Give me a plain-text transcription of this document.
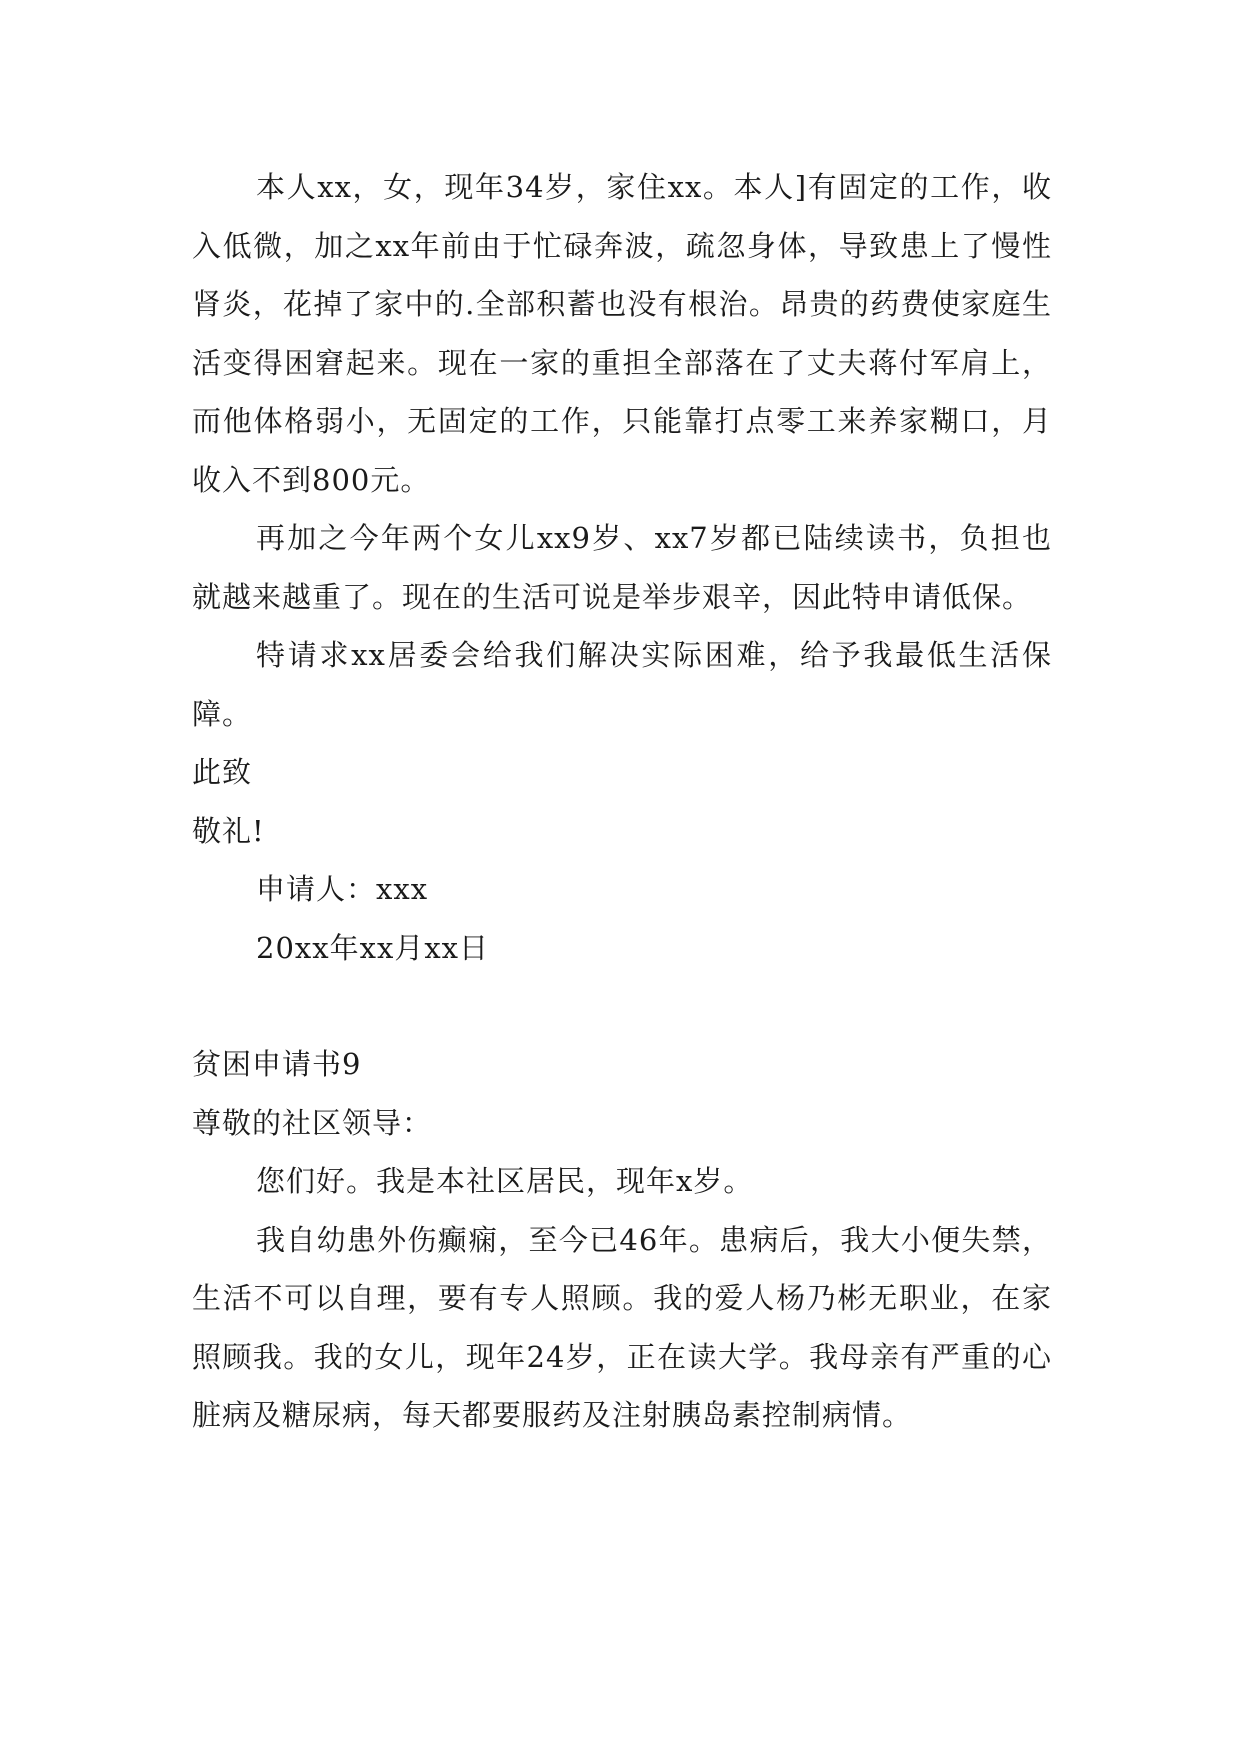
本人xx，女，现年34岁，家住xx。本人]有固定的工作，收入低微，加之xx年前由于忙碌奔波，疏忽身体，导致患上了慢性肾炎，花掉了家中的.全部积蓄也没有根治。昂贵的药费使家庭生活变得困窘起来。现在一家的重担全部落在了丈夫蒋付军肩上，而他体格弱小，无固定的工作，只能靠打点零工来养家糊口，月收入不到800元。

再加之今年两个女儿xx9岁、xx7岁都已陆续读书，负担也就越来越重了。现在的生活可说是举步艰辛，因此特申请低保。

特请求xx居委会给我们解决实际困难，给予我最低生活保障。

此致

敬礼!

申请人：xxx

20xx年xx月xx日

贫困申请书9

尊敬的社区领导：

您们好。我是本社区居民，现年x岁。

我自幼患外伤癫痫，至今已46年。患病后，我大小便失禁，生活不可以自理，要有专人照顾。我的爱人杨乃彬无职业，在家照顾我。我的女儿，现年24岁，正在读大学。我母亲有严重的心脏病及糖尿病，每天都要服药及注射胰岛素控制病情。
